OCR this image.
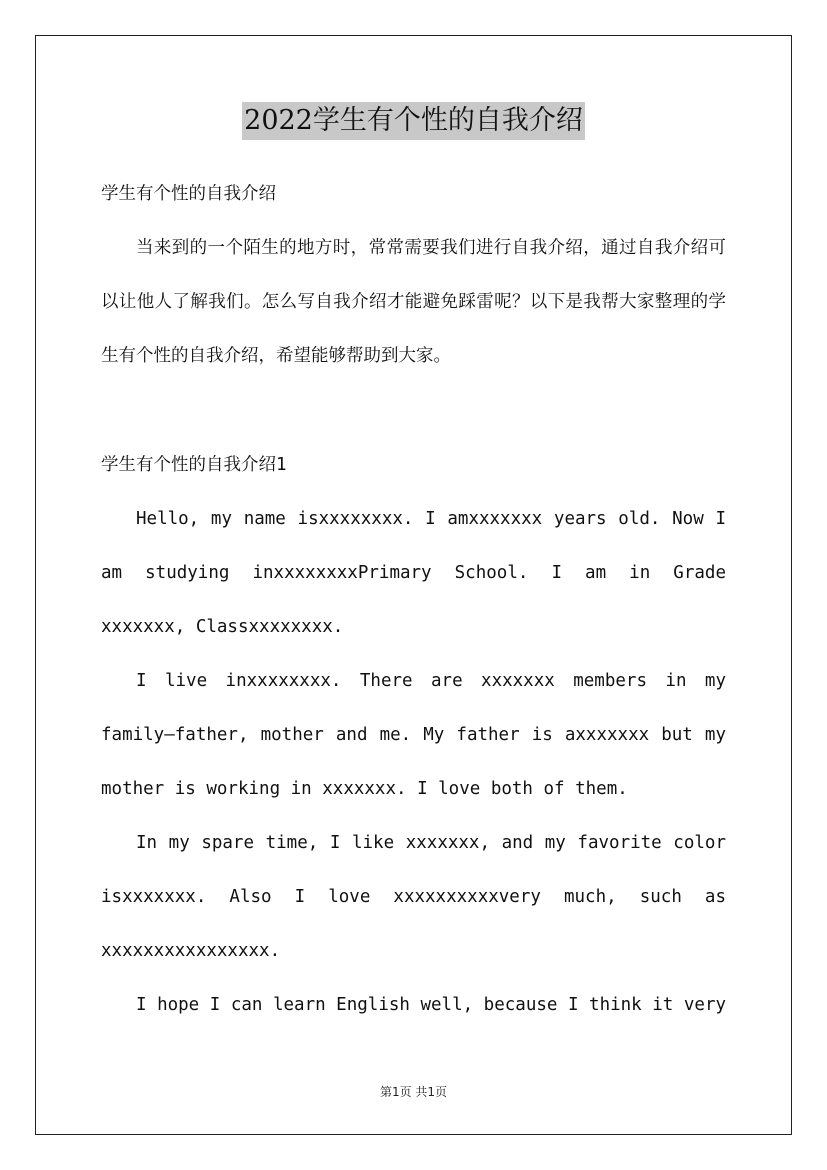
2022学生有个性的自我介绍
学生有个性的自我介绍

当来到的一个陌生的地方时，常常需要我们进行自我介绍，通过自我介绍可以让他人了解我们。怎么写自我介绍才能避免踩雷呢？以下是我帮大家整理的学生有个性的自我介绍，希望能够帮助到大家。

学生有个性的自我介绍1

Hello, my name isxxxxxxxx. I amxxxxxxx years old. Now I am studying inxxxxxxxxPrimary School. I am in Grade xxxxxxx, Classxxxxxxxx.

I live inxxxxxxxx. There are xxxxxxx members in my family—father, mother and me. My father is axxxxxxx but my mother is working in xxxxxxx. I love both of them.

In my spare time, I like xxxxxxx, and my favorite color isxxxxxxx. Also I love xxxxxxxxxxvery much, such as xxxxxxxxxxxxxxxx.

I hope I can learn English well, because I think it very

第1页 共1页
